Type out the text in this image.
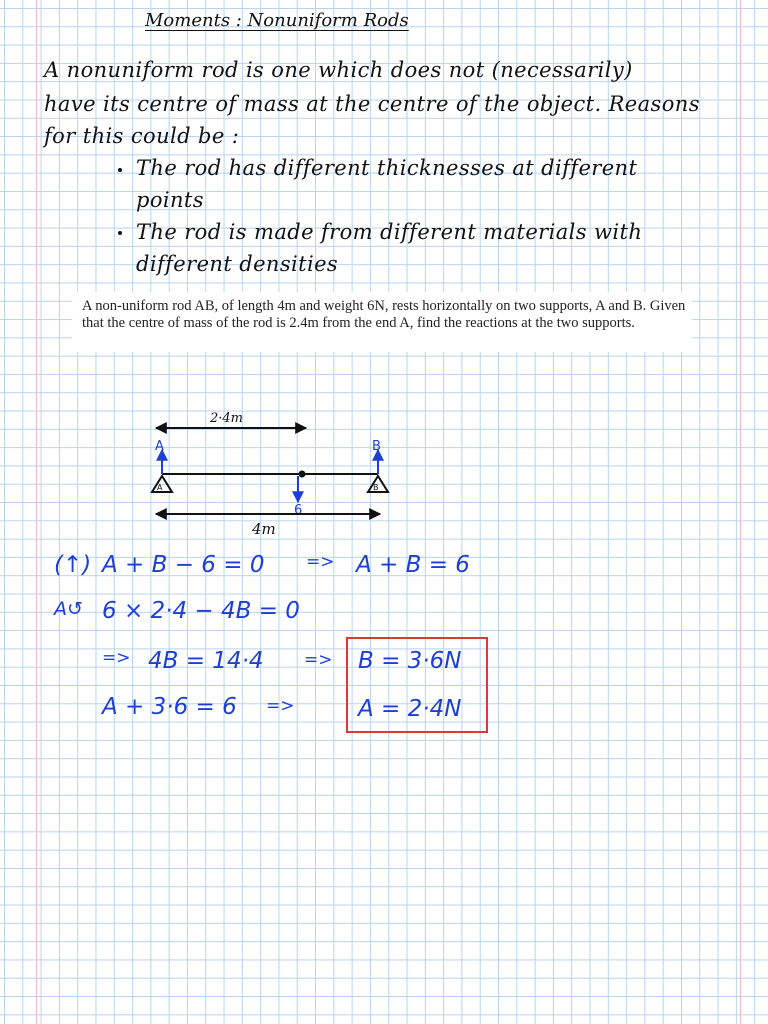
Moments : Nonuniform Rods
A nonuniform rod is one which does not (necessarily)
have its centre of mass at the centre of the object. Reasons
for this could be :
The rod has different thicknesses at different
points
The rod is made from different materials with
different densities

A non-uniform rod AB, of length 4m and weight 6N, rests horizontally on two supports, A and B. Given that the centre of mass of the rod is 2.4m from the end A, find the reactions at the two supports.

2·4m
A	B
A	B
6
4m
(↑) A + B − 6 = 0 => A + B = 6
A↺ 6 × 2·4 − 4B = 0
=> 4B = 14·4 =>
A + 3·6 = 6 =>
B = 3·6N
A = 2·4N
